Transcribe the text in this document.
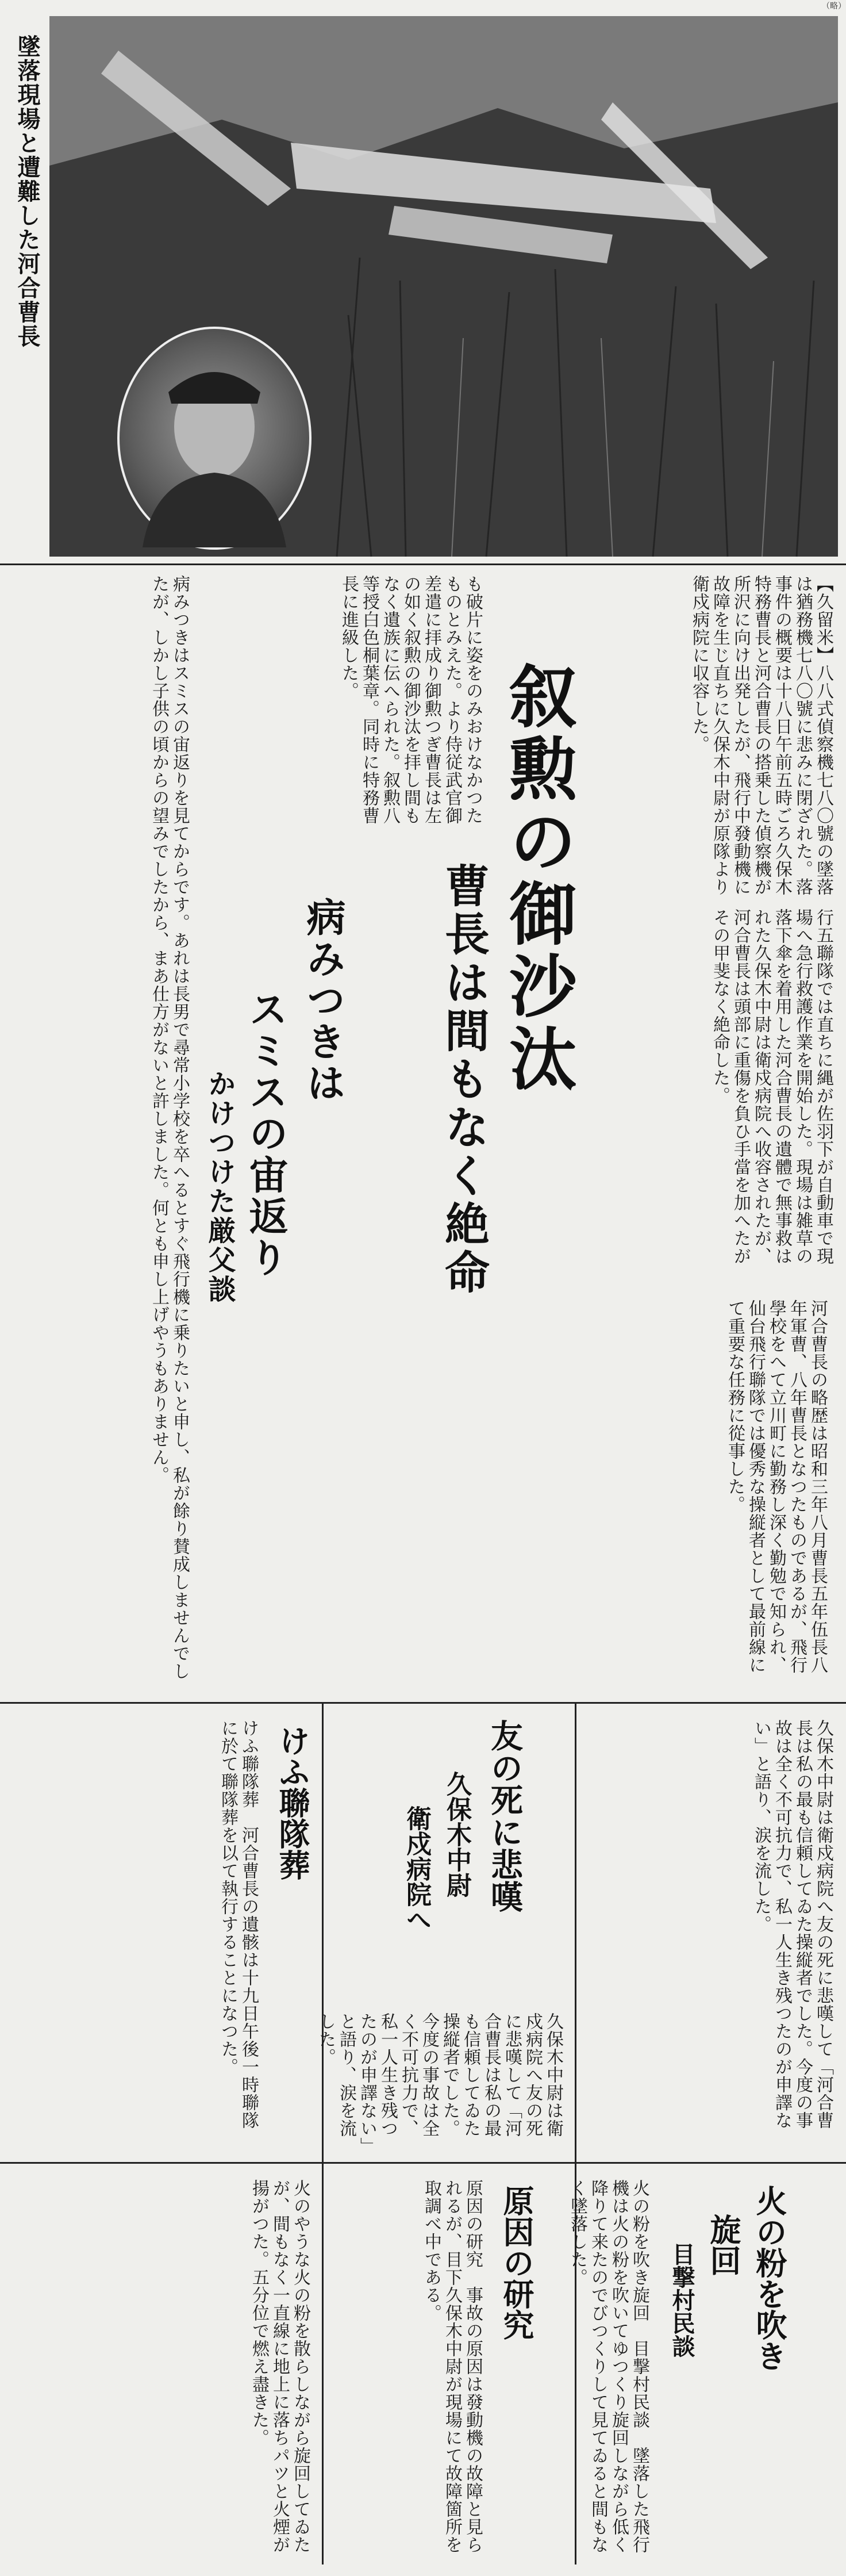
（略）
墜落現場と遭難した河合曹長
叙勲の御沙汰
曹長は間もなく絶命
病みつきは
スミスの宙返り
かけつけた厳父談
【久留米】八八式偵察機七八〇號の墜落は猶務機七八〇號に悲みに閉ざれた。落事件の概要は十八日午前五時ごろ久保木特務曹長と河合曹長の搭乗した偵察機が所沢に向け出発したが、飛行中發動機に故障を生じ直ちに久保木中尉が原隊より衛戍病院に収容した。
行五聯隊では直ちに縄が佐羽下が自動車で現場へ急行救護作業を開始した。現場は雑草の落下傘を着用した河合曹長の遺體で無事救はれた久保木中尉は衛戍病院へ收容されたが、河合曹長は頭部に重傷を負ひ手當を加へたがその甲斐なく絶命した。
も破片に姿をのみおけなかつたものとみえた。より侍従武官御差遣に拝成り御勲つぎ曹長は左の如く叙勲の御沙汰を拝し間もなく遺族に伝へられた。叙勲八等授白色桐葉章。同時に特務曹長に進級した。
病みつきはスミスの宙返りを見てからです。あれは長男で尋常小学校を卒へるとすぐ飛行機に乗りたいと申し、私が餘り賛成しませんでしたが、しかし子供の頃からの望みでしたから、まあ仕方がないと許しました。何とも申し上げやうもありません。
河合曹長の略歴は昭和三年八月曹長五年伍長八年軍曹、八年曹長となつたものであるが、飛行學校をへて立川町に勤務し深く勤勉で知られ、仙台飛行聯隊では優秀な操縦者として最前線にて重要な任務に從事した。
友の死に悲嘆
久保木中尉
衛戍病院へ	久保木中尉は衛戍病院へ友の死に悲嘆して「河合曹長は私の最も信頼してゐた操縦者でした。今度の事故は全く不可抗力で、私一人生き残つたのが申譯ない」と語り、涙を流した。
久保木中尉は衛戍病院へ友の死に悲嘆して「河合曹長は私の最も信頼してゐた操縦者でした。今度の事故は全く不可抗力で、私一人生き残つたのが申譯ない」と語り、涙を流した。
けふ聯隊葬
けふ聯隊葬　河合曹長の遺骸は十九日午後一時聯隊に於て聯隊葬を以て執行することになつた。
火の粉を吹き
旋回
目撃村民談
火の粉を吹き旋回　目撃村民談　墜落した飛行機は火の粉を吹いてゆつくり旋回しながら低く降りて来たのでびつくりして見てゐると間もなく墜落した。
原因の研究
原因の研究　事故の原因は發動機の故障と見られるが、目下久保木中尉が現場にて故障箇所を取調べ中である。
火のやうな火の粉を散らしながら旋回してゐたが、間もなく一直線に地上に落ちパツと火煙が揚がつた。五分位で燃え盡きた。
